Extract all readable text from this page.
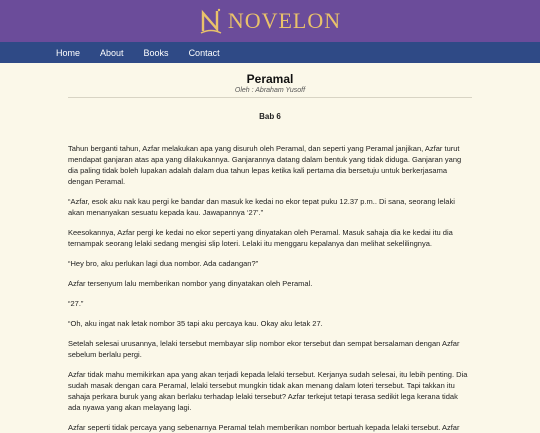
NOVELON
Home About Books Contact
Peramal
Oleh : Abraham Yusoff
Bab 6

Tahun berganti tahun, Azfar melakukan apa yang disuruh oleh Peramal, dan seperti yang Peramal janjikan, Azfar turut mendapat ganjaran atas apa yang dilakukannya. Ganjarannya datang dalam bentuk yang tidak diduga. Ganjaran yang dia paling tidak boleh lupakan adalah dalam dua tahun lepas ketika kali pertama dia bersetuju untuk berkerjasama dengan Peramal.

“Azfar, esok aku nak kau pergi ke bandar dan masuk ke kedai no ekor tepat puku 12.37 p.m.. Di sana, seorang lelaki akan menanyakan sesuatu kepada kau. Jawapannya ‘27’.”

Keesokannya, Azfar pergi ke kedai no ekor seperti yang dinyatakan oleh Peramal. Masuk sahaja dia ke kedai itu dia ternampak seorang lelaki sedang mengisi slip loteri. Lelaki itu menggaru kepalanya dan melihat sekelilingnya.

“Hey bro, aku perlukan lagi dua nombor. Ada cadangan?”

Azfar tersenyum lalu memberikan nombor yang dinyatakan oleh Peramal.

“27.”

“Oh, aku ingat nak letak nombor 35 tapi aku percaya kau. Okay aku letak 27.

Setelah selesai urusannya, lelaki tersebut membayar slip nombor ekor tersebut dan sempat bersalaman dengan Azfar sebelum berlalu pergi.

Azfar tidak mahu memikirkan apa yang akan terjadi kepada lelaki tersebut. Kerjanya sudah selesai, itu lebih penting. Dia sudah masak dengan cara Peramal, lelaki tersebut mungkin tidak akan menang dalam loteri tersebut. Tapi takkan itu sahaja perkara buruk yang akan berlaku terhadap lelaki tersebut? Azfar terkejut tetapi terasa sedikit lega kerana tidak ada nyawa yang akan melayang lagi.

Azfar seperti tidak percaya yang sebenarnya Peramal telah memberikan nombor bertuah kepada lelaki tersebut. Azfar
